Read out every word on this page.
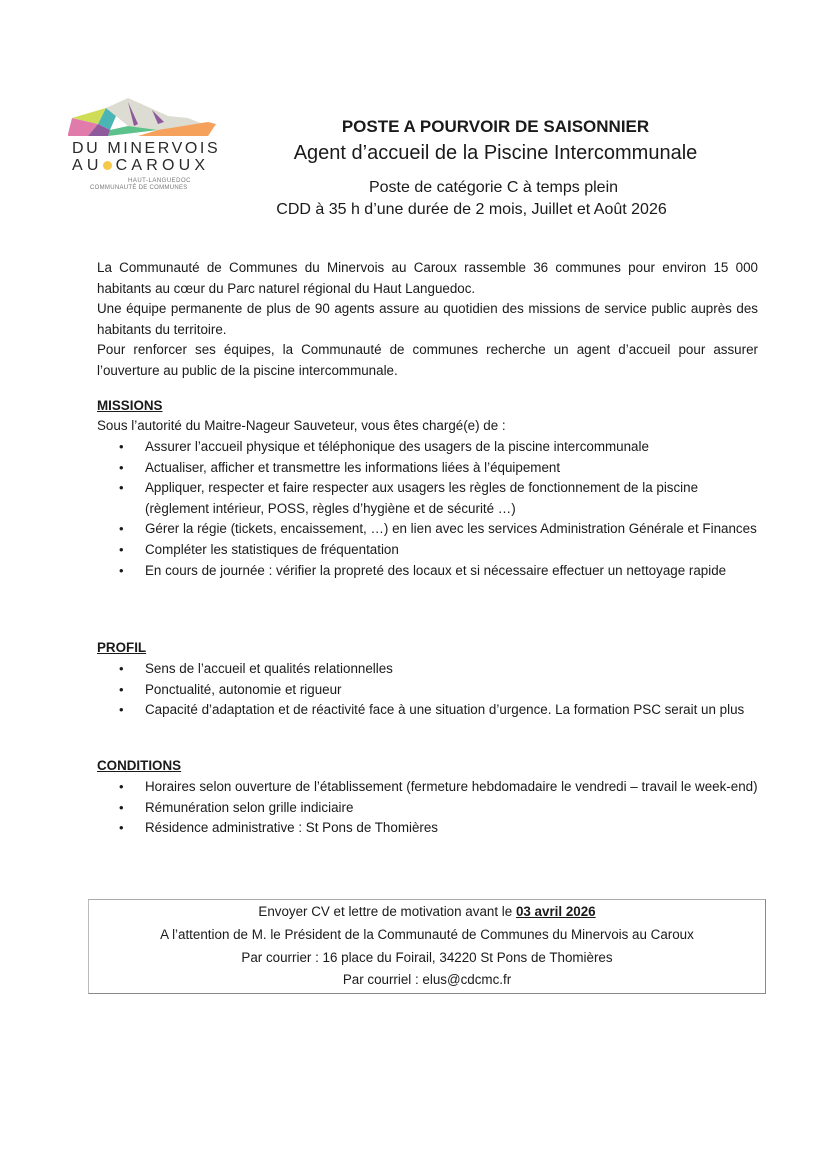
DU MINERVOIS
AU CAROUX
HAUT-LANGUEDOC
COMMUNAUTÉ DE COMMUNES
POSTE A POURVOIR DE SAISONNIER
Agent d’accueil de la Piscine Intercommunale
Poste de catégorie C à temps plein
CDD à 35 h d’une durée de 2 mois, Juillet et Août 2026

La Communauté de Communes du Minervois au Caroux rassemble 36 communes pour environ 15 000 habitants au cœur du Parc naturel régional du Haut Languedoc.

Une équipe permanente de plus de 90 agents assure au quotidien des missions de service public auprès des habitants du territoire.

Pour renforcer ses équipes, la Communauté de communes recherche un agent d’accueil pour assurer l’ouverture au public de la piscine intercommunale.

MISSIONS
Sous l’autorité du Maitre-Nageur Sauveteur, vous êtes chargé(e) de :
• Assurer l’accueil physique et téléphonique des usagers de la piscine intercommunale
• Actualiser, afficher et transmettre les informations liées à l’équipement
• Appliquer, respecter et faire respecter aux usagers les règles de fonctionnement de la piscine (règlement intérieur, POSS, règles d’hygiène et de sécurité …)
• Gérer la régie (tickets, encaissement, …) en lien avec les services Administration Générale et Finances
• Compléter les statistiques de fréquentation
• En cours de journée : vérifier la propreté des locaux et si nécessaire effectuer un nettoyage rapide
PROFIL
• Sens de l’accueil et qualités relationnelles
• Ponctualité, autonomie et rigueur
• Capacité d’adaptation et de réactivité face à une situation d’urgence. La formation PSC serait un plus
CONDITIONS
• Horaires selon ouverture de l’établissement (fermeture hebdomadaire le vendredi – travail le week-end)
• Rémunération selon grille indiciaire
• Résidence administrative : St Pons de Thomières
Envoyer CV et lettre de motivation avant le 03 avril 2026
A l’attention de M. le Président de la Communauté de Communes du Minervois au Caroux
Par courrier : 16 place du Foirail, 34220 St Pons de Thomières
Par courriel : elus@cdcmc.fr
